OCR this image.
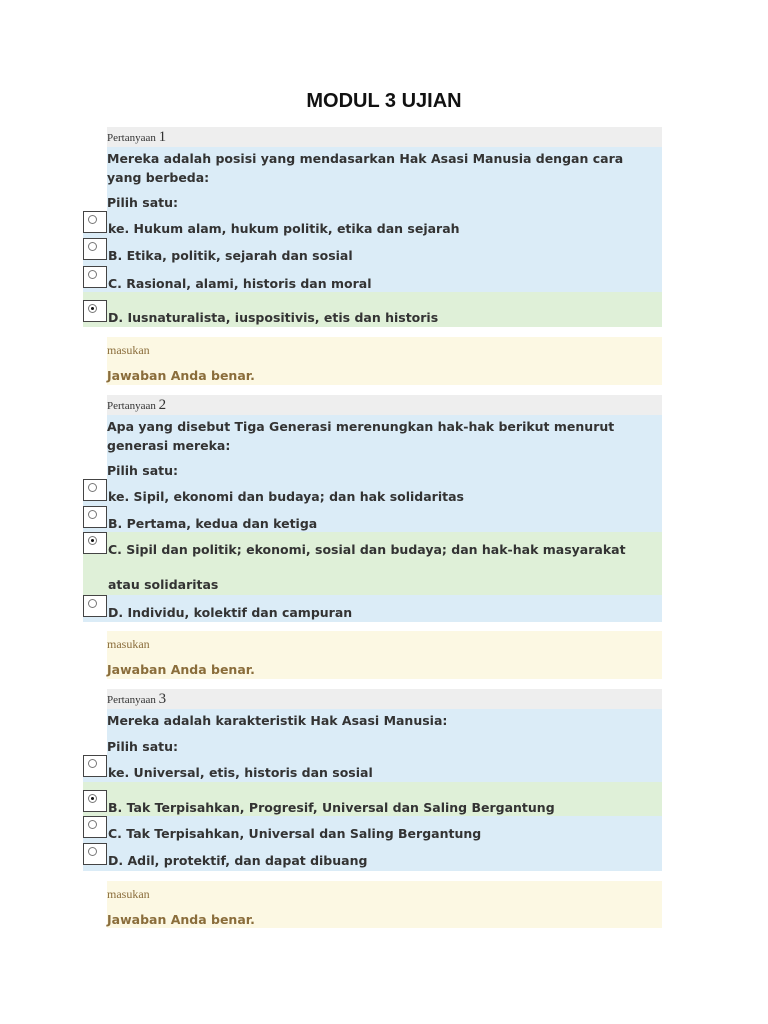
MODUL 3 UJIAN
Pertanyaan 1
Mereka adalah posisi yang mendasarkan Hak Asasi Manusia dengan cara yang berbeda:
Pilih satu:
ke. Hukum alam, hukum politik, etika dan sejarah
B. Etika, politik, sejarah dan sosial
C. Rasional, alami, historis dan moral
D. Iusnaturalista, iuspositivis, etis dan historis
masukan
Jawaban Anda benar.
Pertanyaan 2
Apa yang disebut Tiga Generasi merenungkan hak-hak berikut menurut generasi mereka:
Pilih satu:
ke. Sipil, ekonomi dan budaya; dan hak solidaritas
B. Pertama, kedua dan ketiga
C. Sipil dan politik; ekonomi, sosial dan budaya; dan hak-hak masyarakat atau solidaritas
D. Individu, kolektif dan campuran
masukan
Jawaban Anda benar.
Pertanyaan 3
Mereka adalah karakteristik Hak Asasi Manusia:
Pilih satu:
ke. Universal, etis, historis dan sosial
B. Tak Terpisahkan, Progresif, Universal dan Saling Bergantung
C. Tak Terpisahkan, Universal dan Saling Bergantung
D. Adil, protektif, dan dapat dibuang
masukan
Jawaban Anda benar.
